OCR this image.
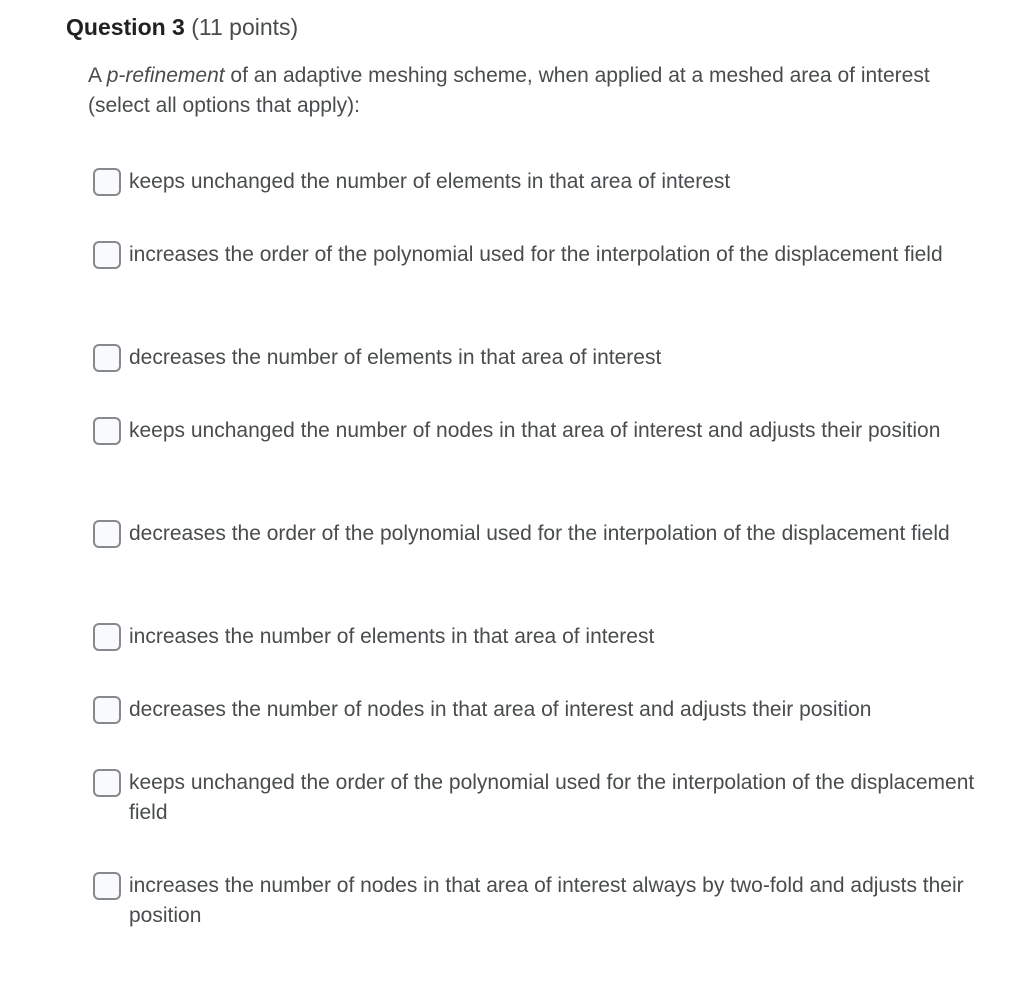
Question 3 (11 points)
A p-refinement of an adaptive meshing scheme, when applied at a meshed area of interest (select all options that apply):
keeps unchanged the number of elements in that area of interest
increases the order of the polynomial used for the interpolation of the displacement field
decreases the number of elements in that area of interest
keeps unchanged the number of nodes in that area of interest and adjusts their position
decreases the order of the polynomial used for the interpolation of the displacement field
increases the number of elements in that area of interest
decreases the number of nodes in that area of interest and adjusts their position
keeps unchanged the order of the polynomial used for the interpolation of the displacement field
increases the number of nodes in that area of interest always by two-fold and adjusts their position
